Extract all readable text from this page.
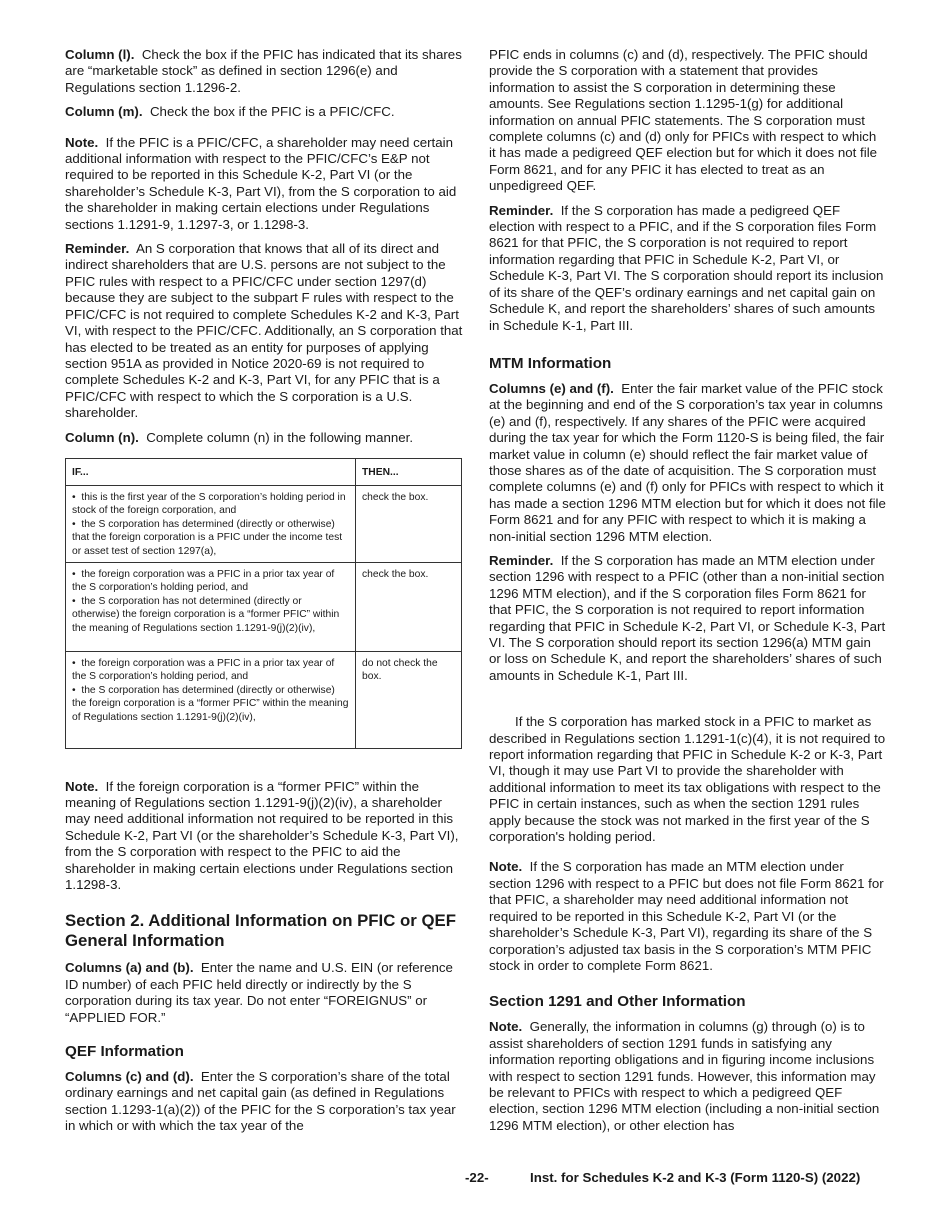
Column (l). Check the box if the PFIC has indicated that its shares are “marketable stock” as defined in section 1296(e) and Regulations section 1.1296-2.

Column (m). Check the box if the PFIC is a PFIC/CFC.

Note. If the PFIC is a PFIC/CFC, a shareholder may need certain additional information with respect to the PFIC/CFC’s E&P not required to be reported in this Schedule K-2, Part VI (or the shareholder’s Schedule K-3, Part VI), from the S corporation to aid the shareholder in making certain elections under Regulations sections 1.1291-9, 1.1297-3, or 1.1298-3.

Reminder. An S corporation that knows that all of its direct and indirect shareholders that are U.S. persons are not subject to the PFIC rules with respect to a PFIC/CFC under section 1297(d) because they are subject to the subpart F rules with respect to the PFIC/CFC is not required to complete Schedules K-2 and K-3, Part VI, with respect to the PFIC/CFC. Additionally, an S corporation that has elected to be treated as an entity for purposes of applying section 951A as provided in Notice 2020-69 is not required to complete Schedules K-2 and K-3, Part VI, for any PFIC that is a PFIC/CFC with respect to which the S corporation is a U.S. shareholder.

Column (n). Complete column (n) in the following manner.

IF...	THEN...

•  this is the first year of the S corporation’s holding period in stock of the foreign corporation, and
•  the S corporation has determined (directly or otherwise) that the foreign corporation is a PFIC under the income test or asset test of section 1297(a),	check the box.

•  the foreign corporation was a PFIC in a prior tax year of the S corporation’s holding period, and
•  the S corporation has not determined (directly or otherwise) the foreign corporation is a “former PFIC” within the meaning of Regulations section 1.1291-9(j)(2)(iv),	check the box.

•  the foreign corporation was a PFIC in a prior tax year of the S corporation’s holding period, and
•  the S corporation has determined (directly or otherwise) the foreign corporation is a “former PFIC” within the meaning of Regulations section 1.1291-9(j)(2)(iv),	do not check the box.

Note. If the foreign corporation is a “former PFIC” within the meaning of Regulations section 1.1291-9(j)(2)(iv), a shareholder may need additional information not required to be reported in this Schedule K-2, Part VI (or the shareholder’s Schedule K-3, Part VI), from the S corporation with respect to the PFIC to aid the shareholder in making certain elections under Regulations section 1.1298-3.

Section 2. Additional Information on PFIC or QEF General Information

Columns (a) and (b). Enter the name and U.S. EIN (or reference ID number) of each PFIC held directly or indirectly by the S corporation during its tax year. Do not enter “FOREIGNUS” or “APPLIED FOR.”

QEF Information

Columns (c) and (d). Enter the S corporation’s share of the total ordinary earnings and net capital gain (as defined in Regulations section 1.1293-1(a)(2)) of the PFIC for the S corporation’s tax year in which or with which the tax year of the

PFIC ends in columns (c) and (d), respectively. The PFIC should provide the S corporation with a statement that provides information to assist the S corporation in determining these amounts. See Regulations section 1.1295-1(g) for additional information on annual PFIC statements. The S corporation must complete columns (c) and (d) only for PFICs with respect to which it has made a pedigreed QEF election but for which it does not file Form 8621, and for any PFIC it has elected to treat as an unpedigreed QEF.

Reminder. If the S corporation has made a pedigreed QEF election with respect to a PFIC, and if the S corporation files Form 8621 for that PFIC, the S corporation is not required to report information regarding that PFIC in Schedule K-2, Part VI, or Schedule K-3, Part VI. The S corporation should report its inclusion of its share of the QEF’s ordinary earnings and net capital gain on Schedule K, and report the shareholders’ shares of such amounts in Schedule K-1, Part III.

MTM Information

Columns (e) and (f). Enter the fair market value of the PFIC stock at the beginning and end of the S corporation’s tax year in columns (e) and (f), respectively. If any shares of the PFIC were acquired during the tax year for which the Form 1120-S is being filed, the fair market value in column (e) should reflect the fair market value of those shares as of the date of acquisition. The S corporation must complete columns (e) and (f) only for PFICs with respect to which it has made a section 1296 MTM election but for which it does not file Form 8621 and for any PFIC with respect to which it is making a non-initial section 1296 MTM election.

Reminder. If the S corporation has made an MTM election under section 1296 with respect to a PFIC (other than a non-initial section 1296 MTM election), and if the S corporation files Form 8621 for that PFIC, the S corporation is not required to report information regarding that PFIC in Schedule K-2, Part VI, or Schedule K-3, Part VI. The S corporation should report its section 1296(a) MTM gain or loss on Schedule K, and report the shareholders’ shares of such amounts in Schedule K-1, Part III.

If the S corporation has marked stock in a PFIC to market as described in Regulations section 1.1291-1(c)(4), it is not required to report information regarding that PFIC in Schedule K-2 or K-3, Part VI, though it may use Part VI to provide the shareholder with additional information to meet its tax obligations with respect to the PFIC in certain instances, such as when the section 1291 rules apply because the stock was not marked in the first year of the S corporation's holding period.

Note. If the S corporation has made an MTM election under section 1296 with respect to a PFIC but does not file Form 8621 for that PFIC, a shareholder may need additional information not required to be reported in this Schedule K-2, Part VI (or the shareholder’s Schedule K-3, Part VI), regarding its share of the S corporation’s adjusted tax basis in the S corporation’s MTM PFIC stock in order to complete Form 8621.

Section 1291 and Other Information

Note. Generally, the information in columns (g) through (o) is to assist shareholders of section 1291 funds in satisfying any information reporting obligations and in figuring income inclusions with respect to section 1291 funds. However, this information may be relevant to PFICs with respect to which a pedigreed QEF election, section 1296 MTM election (including a non-initial section 1296 MTM election), or other election has

-22-	Inst. for Schedules K-2 and K-3 (Form 1120-S) (2022)
